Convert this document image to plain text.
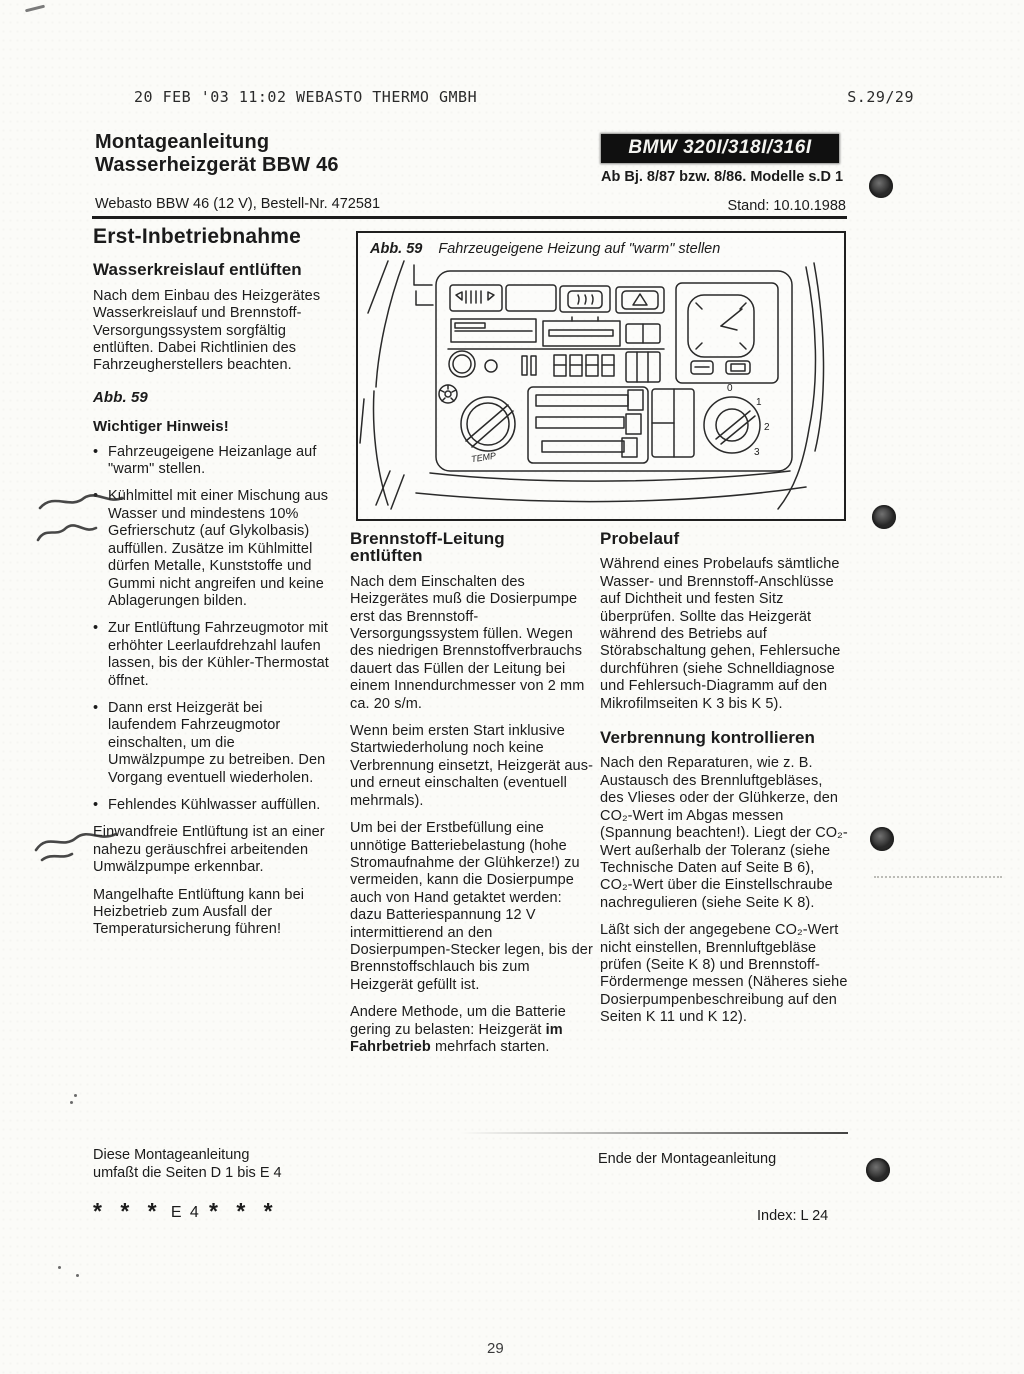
20 FEB '03 11:02 WEBASTO THERMO GMBH	S.29/29
Montageanleitung
Wasserheizgerät BBW 46
BMW 320I/318I/316I
Ab Bj. 8/87 bzw. 8/86. Modelle s.D 1
Webasto BBW 46 (12 V), Bestell-Nr. 472581	Stand: 10.10.1988
Erst-Inbetriebnahme
Wasserkreislauf entlüften

Nach dem Einbau des Heizgerätes Wasserkreislauf und Brennstoff-Versorgungssystem sorgfältig entlüften. Dabei Richtlinien des Fahrzeugherstellers beachten.

Abb. 59
Wichtiger Hinweis!
• Fahrzeugeigene Heizanlage auf "warm" stellen.
• Kühlmittel mit einer Mischung aus Wasser und mindestens 10% Gefrierschutz (auf Glykolbasis) auffüllen. Zusätze im Kühlmittel dürfen Metalle, Kunststoffe und Gummi nicht angreifen und keine Ablagerungen bilden.
• Zur Entlüftung Fahrzeugmotor mit erhöhter Leerlaufdrehzahl laufen lassen, bis der Kühler-Thermostat öffnet.
• Dann erst Heizgerät bei laufendem Fahrzeugmotor einschalten, um die Umwälzpumpe zu betreiben. Den Vorgang eventuell wiederholen.
• Fehlendes Kühlwasser auffüllen.

Einwandfreie Entlüftung ist an einer nahezu geräuschfrei arbeitenden Umwälzpumpe erkennbar.

Mangelhafte Entlüftung kann bei Heizbetrieb zum Ausfall der Temperatursicherung führen!

Abb. 59 Fahrzeugeigene Heizung auf "warm" stellen
TEMP
0
1
2
3
Brennstoff-Leitung entlüften

Nach dem Einschalten des Heizgerätes muß die Dosierpumpe erst das Brennstoff-Versorgungssystem füllen. Wegen des niedrigen Brennstoffverbrauchs dauert das Füllen der Leitung bei einem Innendurchmesser von 2 mm ca. 20 s/m.

Wenn beim ersten Start inklusive Startwiederholung noch keine Verbrennung einsetzt, Heizgerät aus- und erneut einschalten (eventuell mehrmals).

Um bei der Erstbefüllung eine unnötige Batteriebelastung (hohe Stromaufnahme der Glühkerze!) zu vermeiden, kann die Dosierpumpe auch von Hand getaktet werden: dazu Batteriespannung 12 V intermittierend an den Dosierpumpen-Stecker legen, bis der Brennstoffschlauch bis zum Heizgerät gefüllt ist.

Andere Methode, um die Batterie gering zu belasten: Heizgerät im Fahrbetrieb mehrfach starten.

Probelauf

Während eines Probelaufs sämtliche Wasser- und Brennstoff-Anschlüsse auf Dichtheit und festen Sitz überprüfen. Sollte das Heizgerät während des Betriebs auf Störabschaltung gehen, Fehlersuche durchführen (siehe Schnelldiagnose und Fehlersuch-Diagramm auf den Mikrofilmseiten K 3 bis K 5).

Verbrennung kontrollieren

Nach den Reparaturen, wie z. B. Austausch des Brennluftgebläses, des Vlieses oder der Glühkerze, den CO₂-Wert im Abgas messen (Spannung beachten!). Liegt der CO₂-Wert außerhalb der Toleranz (siehe Technische Daten auf Seite B 6), CO₂-Wert über die Einstellschraube nachregulieren (siehe Seite K 8).

Läßt sich der angegebene CO₂-Wert nicht einstellen, Brennluftgebläse prüfen (Seite K 8) und Brennstoff-Fördermenge messen (Näheres siehe Dosierpumpenbeschreibung auf den Seiten K 11 und K 12).

Diese Montageanleitung
umfaßt die Seiten D 1 bis E 4
Ende der Montageanleitung
* * * E 4 * * *	Index: L 24
29
